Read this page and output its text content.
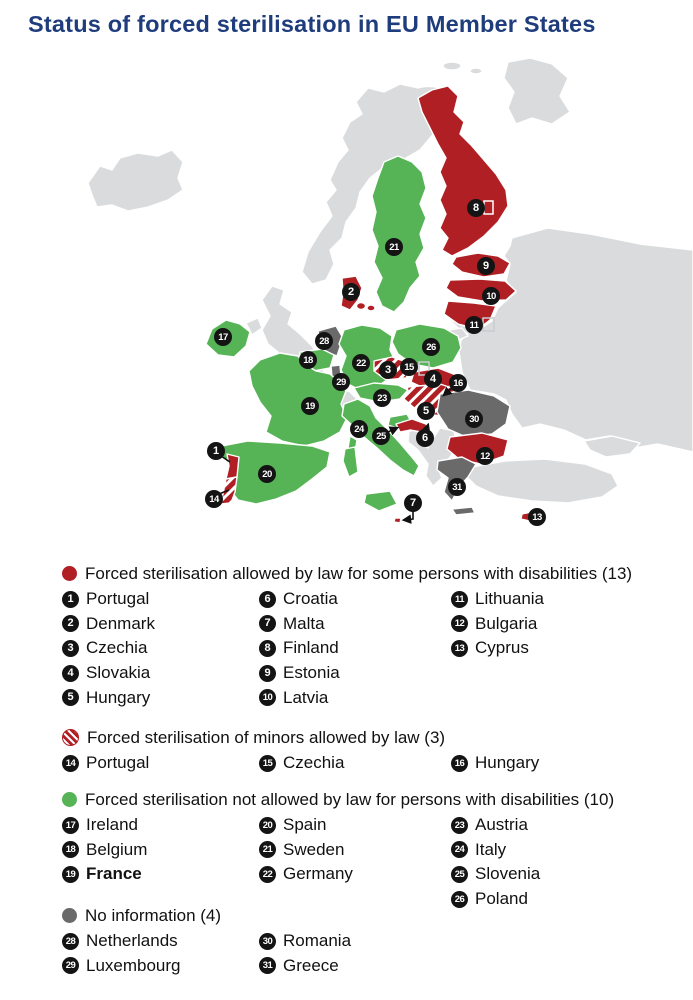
Status of forced sterilisation in EU Member States
1
2
3
4
5
6
7
8
9
10
11
12
13
14
15
16
17
18
19
20
21
22
23
24
25
26
28
29
30
31
Forced sterilisation allowed by law for some persons with disabilities (13)
1 Portugal
2 Denmark
3 Czechia
4 Slovakia
5 Hungary
6 Croatia
7 Malta
8 Finland
9 Estonia
10 Latvia
11 Lithuania
12 Bulgaria
13 Cyprus
Forced sterilisation of minors allowed by law (3)
14 Portugal	15 Czechia	16 Hungary
Forced sterilisation not allowed by law for persons with disabilities (10)
17 Ireland
18 Belgium
19 France
20 Spain
21 Sweden
22 Germany
23 Austria
24 Italy
25 Slovenia
26 Poland
No information (4)
28 Netherlands
29 Luxembourg
30 Romania
31 Greece
